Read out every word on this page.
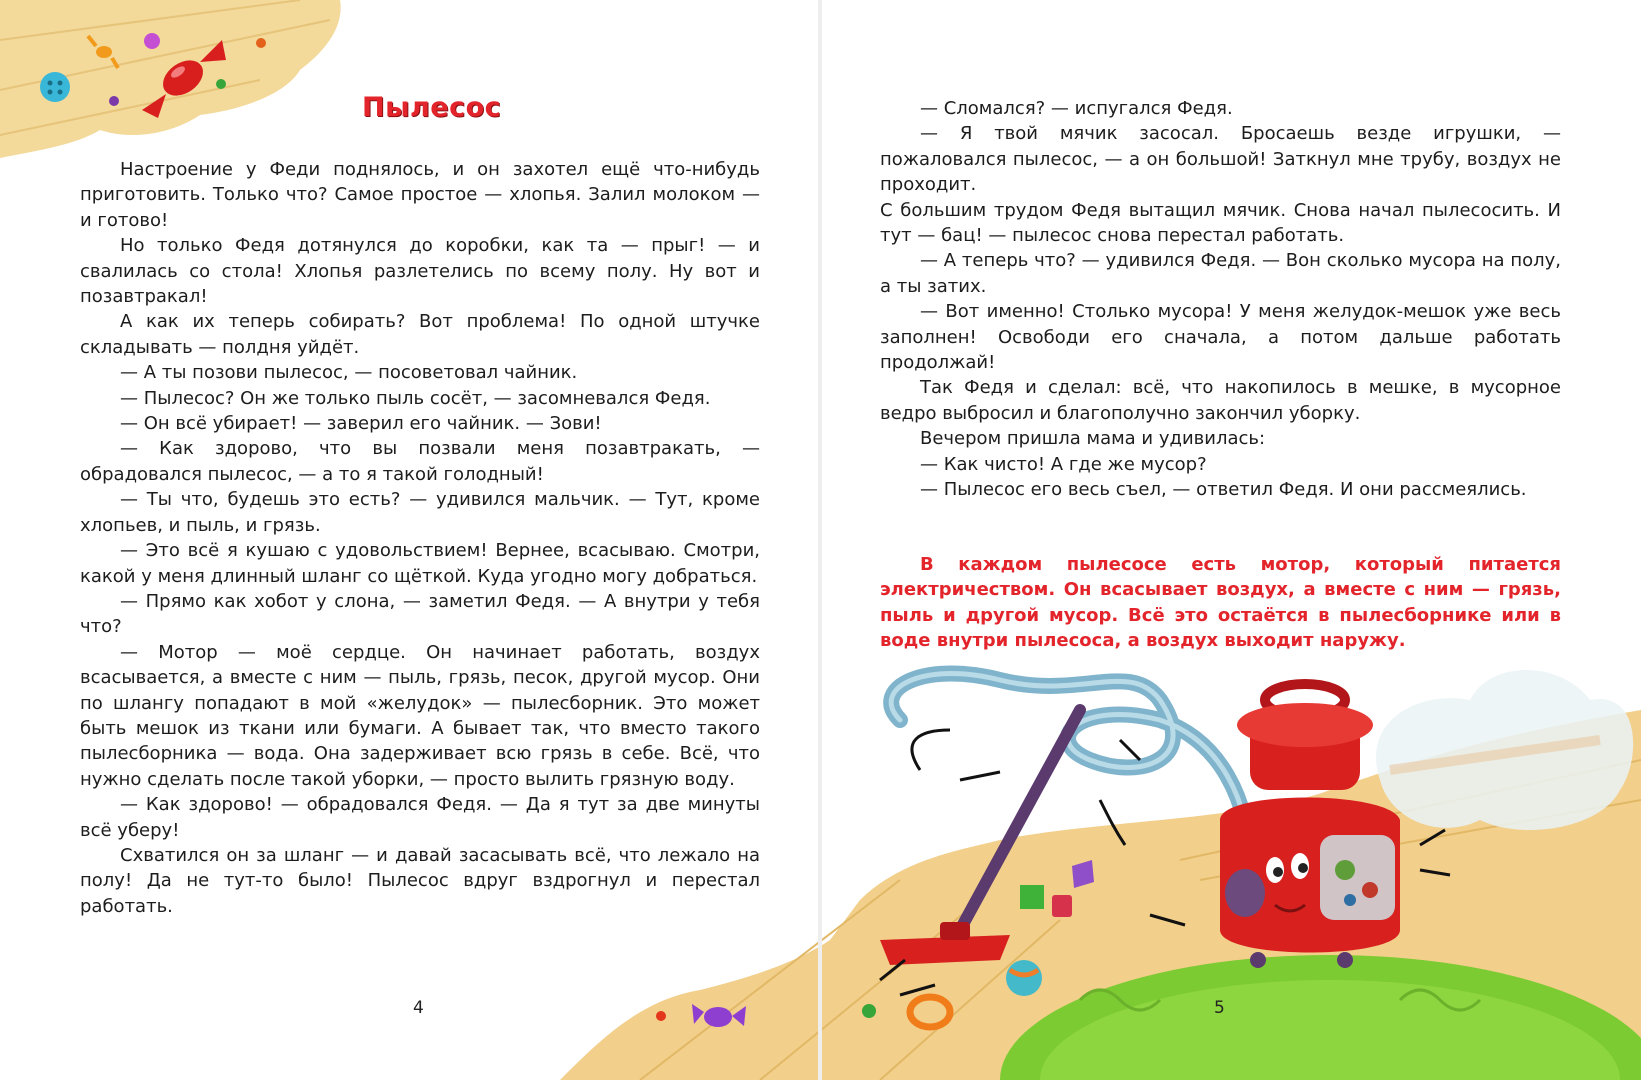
Пылесос

Настроение у Феди поднялось, и он захотел ещё что-нибудь приготовить. Только что? Самое простое — хлопья. Залил молоком — и готово!

Но только Федя дотянулся до коробки, как та — прыг! — и свалилась со стола! Хлопья разлетелись по всему полу. Ну вот и позавтракал!

А как их теперь собирать? Вот проблема! По одной штучке складывать — полдня уйдёт.

— А ты позови пылесос, — посоветовал чайник.

— Пылесос? Он же только пыль сосёт, — засомневался Федя.

— Он всё убирает! — заверил его чайник. — Зови!

— Как здорово, что вы позвали меня позавтракать, — обрадовался пылесос, — а то я такой голодный!

— Ты что, будешь это есть? — удивился мальчик. — Тут, кроме хлопьев, и пыль, и грязь.

— Это всё я кушаю с удовольствием! Вернее, всасываю. Смотри, какой у меня длинный шланг со щёткой. Куда угодно могу добраться.

— Прямо как хобот у слона, — заметил Федя. — А внутри у тебя что?

— Мотор — моё сердце. Он начинает работать, воздух всасывается, а вместе с ним — пыль, грязь, песок, другой мусор. Они по шлангу попадают в мой «желудок» — пылесборник. Это может быть мешок из ткани или бумаги. А бывает так, что вместо такого пылесборника — вода. Она задерживает всю грязь в себе. Всё, что нужно сделать после такой уборки, — просто вылить грязную воду.

— Как здорово! — обрадовался Федя. — Да я тут за две минуты всё уберу!

Схватился он за шланг — и давай засасывать всё, что лежало на полу! Да не тут-то было! Пылесос вдруг вздрогнул и перестал работать.

— Сломался? — испугался Федя.

— Я твой мячик засосал. Бросаешь везде игрушки, — пожаловался пылесос, — а он большой! Заткнул мне трубу, воздух не проходит.

С большим трудом Федя вытащил мячик. Снова начал пылесосить. И тут — бац! — пылесос снова перестал работать.

— А теперь что? — удивился Федя. — Вон сколько мусора на полу, а ты затих.

— Вот именно! Столько мусора! У меня желудок-мешок уже весь заполнен! Освободи его сначала, а потом дальше работать продолжай!

Так Федя и сделал: всё, что накопилось в мешке, в мусорное ведро выбросил и благополучно закончил уборку.

Вечером пришла мама и удивилась:

— Как чисто! А где же мусор?

— Пылесос его весь съел, — ответил Федя. И они рассмеялись.

В каждом пылесосе есть мотор, который питается электричеством. Он всасывает воздух, а вместе с ним — грязь, пыль и другой мусор. Всё это остаётся в пылесборнике или в воде внутри пылесоса, а воздух выходит наружу.

4	5
